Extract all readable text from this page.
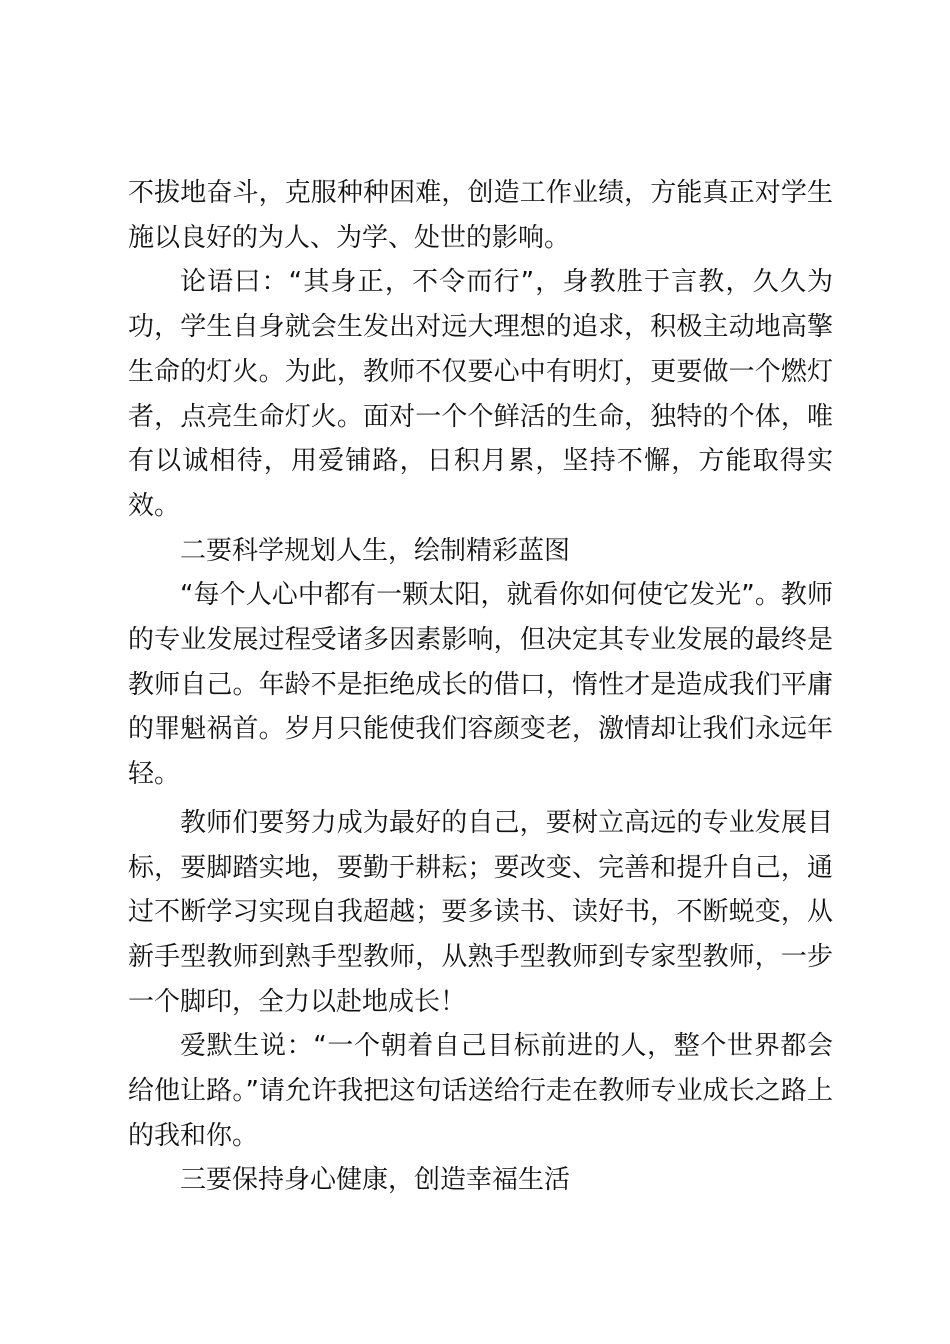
不拔地奋斗，克服种种困难，创造工作业绩，方能真正对学生施以良好的为人、为学、处世的影响。

论语曰：“其身正，不令而行”，身教胜于言教，久久为功，学生自身就会生发出对远大理想的追求，积极主动地高擎生命的灯火。为此，教师不仅要心中有明灯，更要做一个燃灯者，点亮生命灯火。面对一个个鲜活的生命，独特的个体，唯有以诚相待，用爱铺路，日积月累，坚持不懈，方能取得实效。

二要科学规划人生，绘制精彩蓝图

“每个人心中都有一颗太阳，就看你如何使它发光”。教师的专业发展过程受诸多因素影响，但决定其专业发展的最终是教师自己。年龄不是拒绝成长的借口，惰性才是造成我们平庸的罪魁祸首。岁月只能使我们容颜变老，激情却让我们永远年轻。

教师们要努力成为最好的自己，要树立高远的专业发展目标，要脚踏实地，要勤于耕耘；要改变、完善和提升自己，通过不断学习实现自我超越；要多读书、读好书，不断蜕变，从新手型教师到熟手型教师，从熟手型教师到专家型教师，一步一个脚印，全力以赴地成长！

爱默生说：“一个朝着自己目标前进的人，整个世界都会给他让路。”请允许我把这句话送给行走在教师专业成长之路上的我和你。

三要保持身心健康，创造幸福生活
